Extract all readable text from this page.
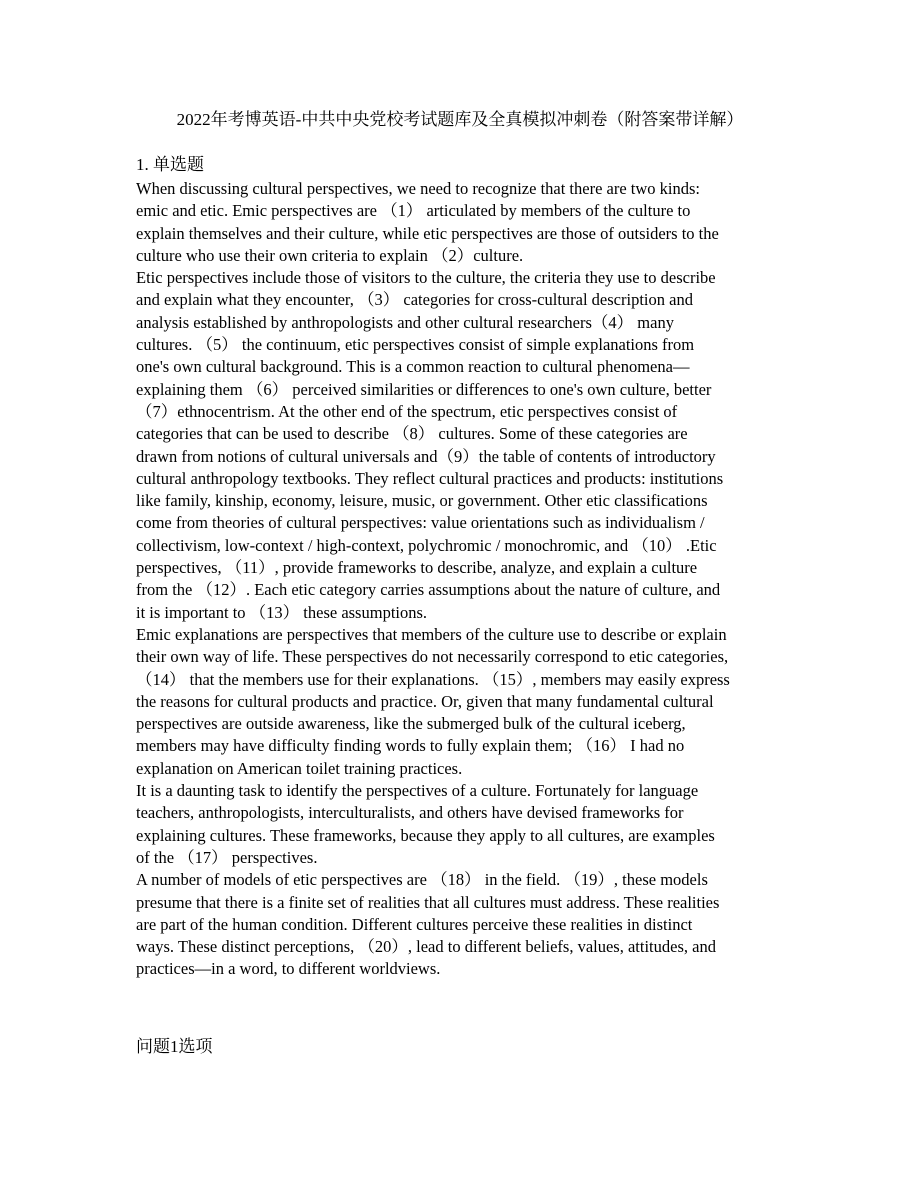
2022年考博英语-中共中央党校考试题库及全真模拟冲刺卷（附答案带详解）
1. 单选题
When discussing cultural perspectives, we need to recognize that there are two kinds:
emic and etic. Emic perspectives are （1） articulated by members of the culture to
explain themselves and their culture, while etic perspectives are those of outsiders to the
culture who use their own criteria to explain （2）culture.
Etic perspectives include those of visitors to the culture, the criteria they use to describe
and explain what they encounter, （3） categories for cross-cultural description and
analysis established by anthropologists and other cultural researchers（4） many
cultures. （5） the continuum, etic perspectives consist of simple explanations from
one's own cultural background. This is a common reaction to cultural phenomena—
explaining them （6） perceived similarities or differences to one's own culture, better
（7）ethnocentrism. At the other end of the spectrum, etic perspectives consist of
categories that can be used to describe （8） cultures. Some of these categories are
drawn from notions of cultural universals and（9）the table of contents of introductory
cultural anthropology textbooks. They reflect cultural practices and products: institutions
like family, kinship, economy, leisure, music, or government. Other etic classifications
come from theories of cultural perspectives: value orientations such as individualism /
collectivism, low-context / high-context, polychromic / monochromic, and （10） .Etic
perspectives, （11）, provide frameworks to describe, analyze, and explain a culture
from the （12）. Each etic category carries assumptions about the nature of culture, and
it is important to （13） these assumptions.
Emic explanations are perspectives that members of the culture use to describe or explain
their own way of life. These perspectives do not necessarily correspond to etic categories,
（14） that the members use for their explanations. （15）, members may easily express
the reasons for cultural products and practice. Or, given that many fundamental cultural
perspectives are outside awareness, like the submerged bulk of the cultural iceberg,
members may have difficulty finding words to fully explain them; （16） I had no
explanation on American toilet training practices.
It is a daunting task to identify the perspectives of a culture. Fortunately for language
teachers, anthropologists, interculturalists, and others have devised frameworks for
explaining cultures. These frameworks, because they apply to all cultures, are examples
of the （17） perspectives.
A number of models of etic perspectives are （18） in the field. （19）, these models
presume that there is a finite set of realities that all cultures must address. These realities
are part of the human condition. Different cultures perceive these realities in distinct
ways. These distinct perceptions, （20）, lead to different beliefs, values, attitudes, and
practices—in a word, to different worldviews.
问题1选项
